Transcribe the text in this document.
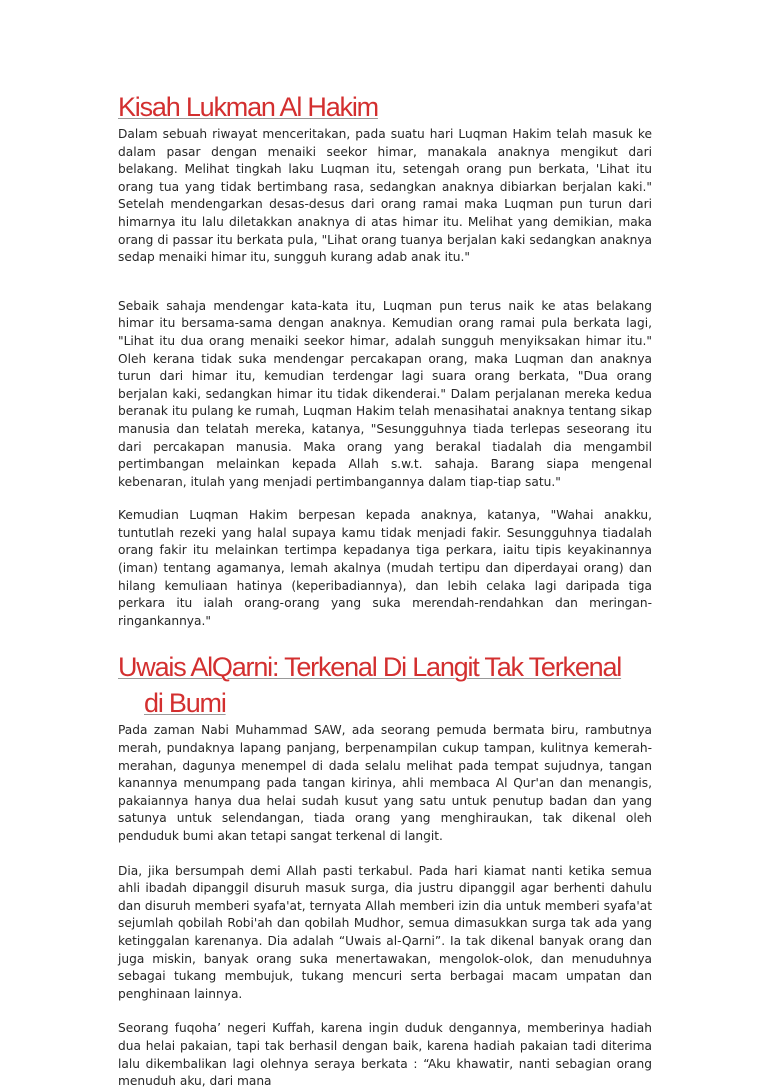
Kisah Lukman Al Hakim

Dalam sebuah riwayat menceritakan, pada suatu hari Luqman Hakim telah masuk ke dalam pasar dengan menaiki seekor himar, manakala anaknya mengikut dari belakang. Melihat tingkah laku Luqman itu, setengah orang pun berkata, 'Lihat itu orang tua yang tidak bertimbang rasa, sedangkan anaknya dibiarkan berjalan kaki." Setelah mendengarkan desas-desus dari orang ramai maka Luqman pun turun dari himarnya itu lalu diletakkan anaknya di atas himar itu. Melihat yang demikian, maka orang di passar itu berkata pula, "Lihat orang tuanya berjalan kaki sedangkan anaknya sedap menaiki himar itu, sungguh kurang adab anak itu."

Sebaik sahaja mendengar kata-kata itu, Luqman pun terus naik ke atas belakang himar itu bersama-sama dengan anaknya. Kemudian orang ramai pula berkata lagi, "Lihat itu dua orang menaiki seekor himar, adalah sungguh menyiksakan himar itu." Oleh kerana tidak suka mendengar percakapan orang, maka Luqman dan anaknya turun dari himar itu, kemudian terdengar lagi suara orang berkata, "Dua orang berjalan kaki, sedangkan himar itu tidak dikenderai." Dalam perjalanan mereka kedua beranak itu pulang ke rumah, Luqman Hakim telah menasihatai anaknya tentang sikap manusia dan telatah mereka, katanya, "Sesungguhnya tiada terlepas seseorang itu dari percakapan manusia. Maka orang yang berakal tiadalah dia mengambil pertimbangan melainkan kepada Allah s.w.t. sahaja. Barang siapa mengenal kebenaran, itulah yang menjadi pertimbangannya dalam tiap-tiap satu."

Kemudian Luqman Hakim berpesan kepada anaknya, katanya, "Wahai anakku, tuntutlah rezeki yang halal supaya kamu tidak menjadi fakir. Sesungguhnya tiadalah orang fakir itu melainkan tertimpa kepadanya tiga perkara, iaitu tipis keyakinannya (iman) tentang agamanya, lemah akalnya (mudah tertipu dan diperdayai orang) dan hilang kemuliaan hatinya (keperibadiannya), dan lebih celaka lagi daripada tiga perkara itu ialah orang-orang yang suka merendah-rendahkan dan meringan-ringankannya."

Uwais AlQarni: Terkenal Di Langit Tak Terkenal
di Bumi

Pada zaman Nabi Muhammad SAW, ada seorang pemuda bermata biru, rambutnya merah, pundaknya lapang panjang, berpenampilan cukup tampan, kulitnya kemerah-merahan, dagunya menempel di dada selalu melihat pada tempat sujudnya, tangan kanannya menumpang pada tangan kirinya, ahli membaca Al Qur'an dan menangis, pakaiannya hanya dua helai sudah kusut yang satu untuk penutup badan dan yang satunya untuk selendangan, tiada orang yang menghiraukan, tak dikenal oleh penduduk bumi akan tetapi sangat terkenal di langit.

Dia, jika bersumpah demi Allah pasti terkabul. Pada hari kiamat nanti ketika semua ahli ibadah dipanggil disuruh masuk surga, dia justru dipanggil agar berhenti dahulu dan disuruh memberi syafa'at, ternyata Allah memberi izin dia untuk memberi syafa'at sejumlah qobilah Robi'ah dan qobilah Mudhor, semua dimasukkan surga tak ada yang ketinggalan karenanya. Dia adalah “Uwais al-Qarni”. Ia tak dikenal banyak orang dan juga miskin, banyak orang suka menertawakan, mengolok-olok, dan menuduhnya sebagai tukang membujuk, tukang mencuri serta berbagai macam umpatan dan penghinaan lainnya.

Seorang fuqoha’ negeri Kuffah, karena ingin duduk dengannya, memberinya hadiah dua helai pakaian, tapi tak berhasil dengan baik, karena hadiah pakaian tadi diterima lalu dikembalikan lagi olehnya seraya berkata : “Aku khawatir, nanti sebagian orang menuduh aku, dari mana
